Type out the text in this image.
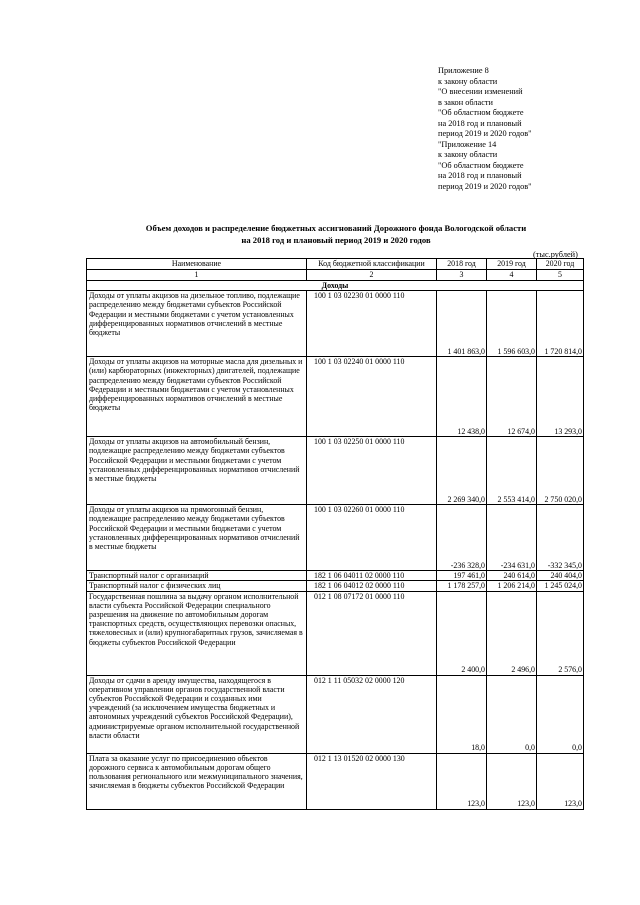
Приложение 8
к закону области
"О внесении изменений
в закон области
"Об областном бюджете
на 2018 год и плановый
период 2019 и 2020 годов"
"Приложение 14
к закону области
"Об областном бюджете
на 2018 год и плановый
период 2019 и 2020 годов"
Объем доходов и распределение бюджетных ассигнований Дорожного фонда Вологодской области
на 2018 год и плановый период 2019 и 2020 годов
(тыс.рублей)
Наименование	Код бюджетной классификации	2018 год	2019 год	2020 год
1	2	3	4	5
Доходы				
Доходы от уплаты акцизов на дизельное топливо, подлежащие распределению между бюджетами субъектов Российской Федерации и местными бюджетами с учетом установленных дифференцированных нормативов отчислений в местные бюджеты	100 1 03 02230 01 0000 110	1 401 863,0	1 596 603,0	1 720 814,0
Доходы от уплаты акцизов на моторные масла для дизельных и (или) карбюраторных (инжекторных) двигателей, подлежащие распределению между бюджетами субъектов Российской Федерации и местными бюджетами с учетом установленных дифференцированных нормативов отчислений в местные бюджеты	100 1 03 02240 01 0000 110	12 438,0	12 674,0	13 293,0
Доходы от уплаты акцизов на автомобильный бензин, подлежащие распределению между бюджетами субъектов Российской Федерации и местными бюджетами с учетом установленных дифференцированных нормативов отчислений в местные бюджеты	100 1 03 02250 01 0000 110	2 269 340,0	2 553 414,0	2 750 020,0
Доходы от уплаты акцизов на прямогонный бензин, подлежащие распределению между бюджетами субъектов Российской Федерации и местными бюджетами с учетом установленных дифференцированных нормативов отчислений в местные бюджеты	100 1 03 02260 01 0000 110	-236 328,0	-234 631,0	-332 345,0
Транспортный налог с организаций	182 1 06 04011 02 0000 110	197 461,0	240 614,0	240 404,0
Транспортный налог с физических лиц	182 1 06 04012 02 0000 110	1 178 257,0	1 206 214,0	1 245 024,0
Государственная пошлина за выдачу органом исполнительной власти субъекта Российской Федерации специального разрешения на движение по автомобильным дорогам транспортных средств, осуществляющих перевозки опасных, тяжеловесных и (или) крупногабаритных грузов, зачисляемая в бюджеты субъектов Российской Федерации	012 1 08 07172 01 0000 110	2 400,0	2 496,0	2 576,0
Доходы от сдачи в аренду имущества, находящегося в оперативном управлении органов государственной власти субъектов Российской Федерации и созданных ими учреждений (за исключением имущества бюджетных и автономных учреждений субъектов Российской Федерации), администрируемые органом исполнительной государственной власти области	012 1 11 05032 02 0000 120	18,0	0,0	0,0
Плата за оказание услуг по присоединению объектов дорожного сервиса к автомобильным дорогам общего пользования регионального или межмуниципального значения, зачисляемая в бюджеты субъектов Российской Федерации	012 1 13 01520 02 0000 130	123,0	123,0	123,0
